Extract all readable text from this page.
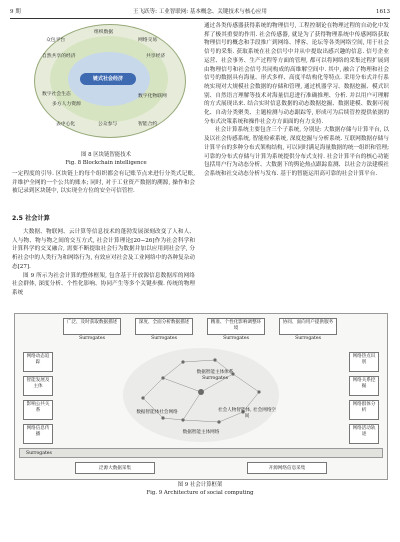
9 期	王飞跃等: 工业智联网: 基本概念、关键技术与核心应用	1613
链式社会经济
众包平台	网络交易
组织数据
自然共享的经济	共享经济
数字社会生态
多方人力资源
数字化物联网
去中心化	公众参与	智能合约
图 8 区块链智能技术
Fig. 8 Blockchain intelligence

一定程度的引导. 区块链上的每个组织都会有记账节点来进行分类式记账, 并维护全网的一个公共的账本; 同时, 对于工业资产数据的溯源, 操作和会被记录到区块链中, 以实现全方位的安全可信管控.

2.5 社会计算

大数据、物联网、云计算等信息技术的蓬勃发展深刻改变了人和人、人与物、物与物之间的交互方式, 社会计算理论[20−26]作为社会科学和计算科学的交叉融合, 需要不断提取社会行为数据并加以应用到社会学, 分析社会中的人类行为和网络行为, 有效应对社会及工业网络中的各种复杂动态[27].

图 9 所示为社会计算的整体框架, 包含基于开放源信息数据库的网络社会群体, 深度分析、个性化影响、协同产生等多个关键步骤. 传统的物理系统

通过各类传感器获得系统的物理信号, 工程控制论在物理过程的自动化中发挥了极其重要的作用. 社会传感器, 就是为了获得物理系统中传感网络获取物理信号的概念和手段推广到网络、博客、论坛等各类网络空间, 用于社会信号的采集. 获取系统在社会信号中并从中提取出感兴趣的信息. 信号企业运营、社会事务、生产过程等方面的管理, 都可以将网络的采集过程扩展到由物理信号和社会信号共同构成的高维解空间中. 其中, 融合了物理和社会信号的数据具有海量、形式多样、高度半结构化等特点. 采用分布式并行系统实现对大规模社会数据的存储和管理, 通过机器学习、数据挖掘、模式识别、自然语言理解等技术对海量信息进行准确推理、分析. 并以用户可理解的方式展现出来. 结合实时信息数据的动态数据挖掘、数据建模、数据可视化、自动分类聚类、主题检测与动态跟踪等, 形成可为后续管控提供依据的分布式决策系统和操作社会方方面面的有力支持.

社会计算系统主要包含三个子系统, 分别是: 大数据存储与计算平台, 以及以社会传感系统, 智能检索系统, 深度挖掘与分析系统. 互联网数据存储与计算平台的多种分布式架构结构, 可以同时满足海量数据的统一组织和管理; 可靠的分布式存储与计算为系统提供分布式支持. 社会计算平台的核心功能包括用户行为动态分析、大数据下的舆论热点跟踪监测、以社会方法建模社会系统和社交动态分析与发布. 基于的智能运用高可靠的社会计算平台.

广泛、及时获取数据描述	深度、全面分析数据描述	精准、个性化影响调整环境
协同、面向用户提供服务
Surrogates	Surrogates	Surrogates	Surrogates
网络动态追踪
智能发展及主体
影响公共关系
网络信息传播
网络热点识别
网络关系挖掘
网络群体分析
网络活动轨迹
数据智能主体体系
Surrogates
数据智能体社会网络	社会人物智能体, 社会网络空间
数据智能主体网络
Surrogates
泛源大数据采集	开源网络信息采集
图 9 社会计算框架
Fig. 9 Architecture of social computing
